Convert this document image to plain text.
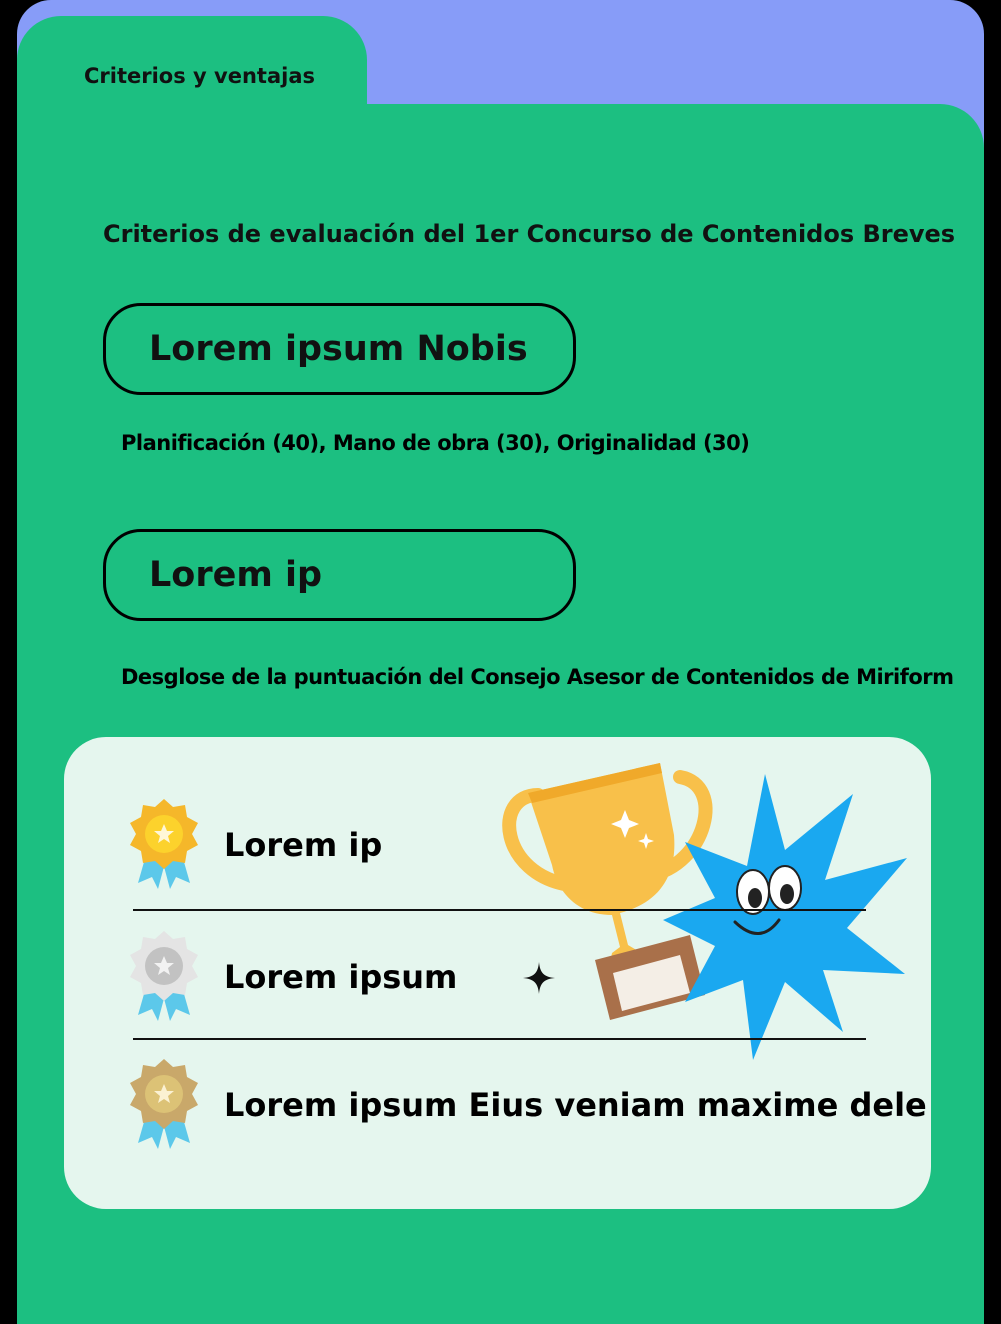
Criterios y ventajas
Criterios de evaluación del 1er Concurso de Contenidos Breves
Lorem ipsum Nobis
Planificación (40), Mano de obra (30), Originalidad (30)
Lorem ip
Desglose de la puntuación del Consejo Asesor de Contenidos de Miriform
Lorem ip
Lorem ipsum
Lorem ipsum Eius veniam maxime dele
